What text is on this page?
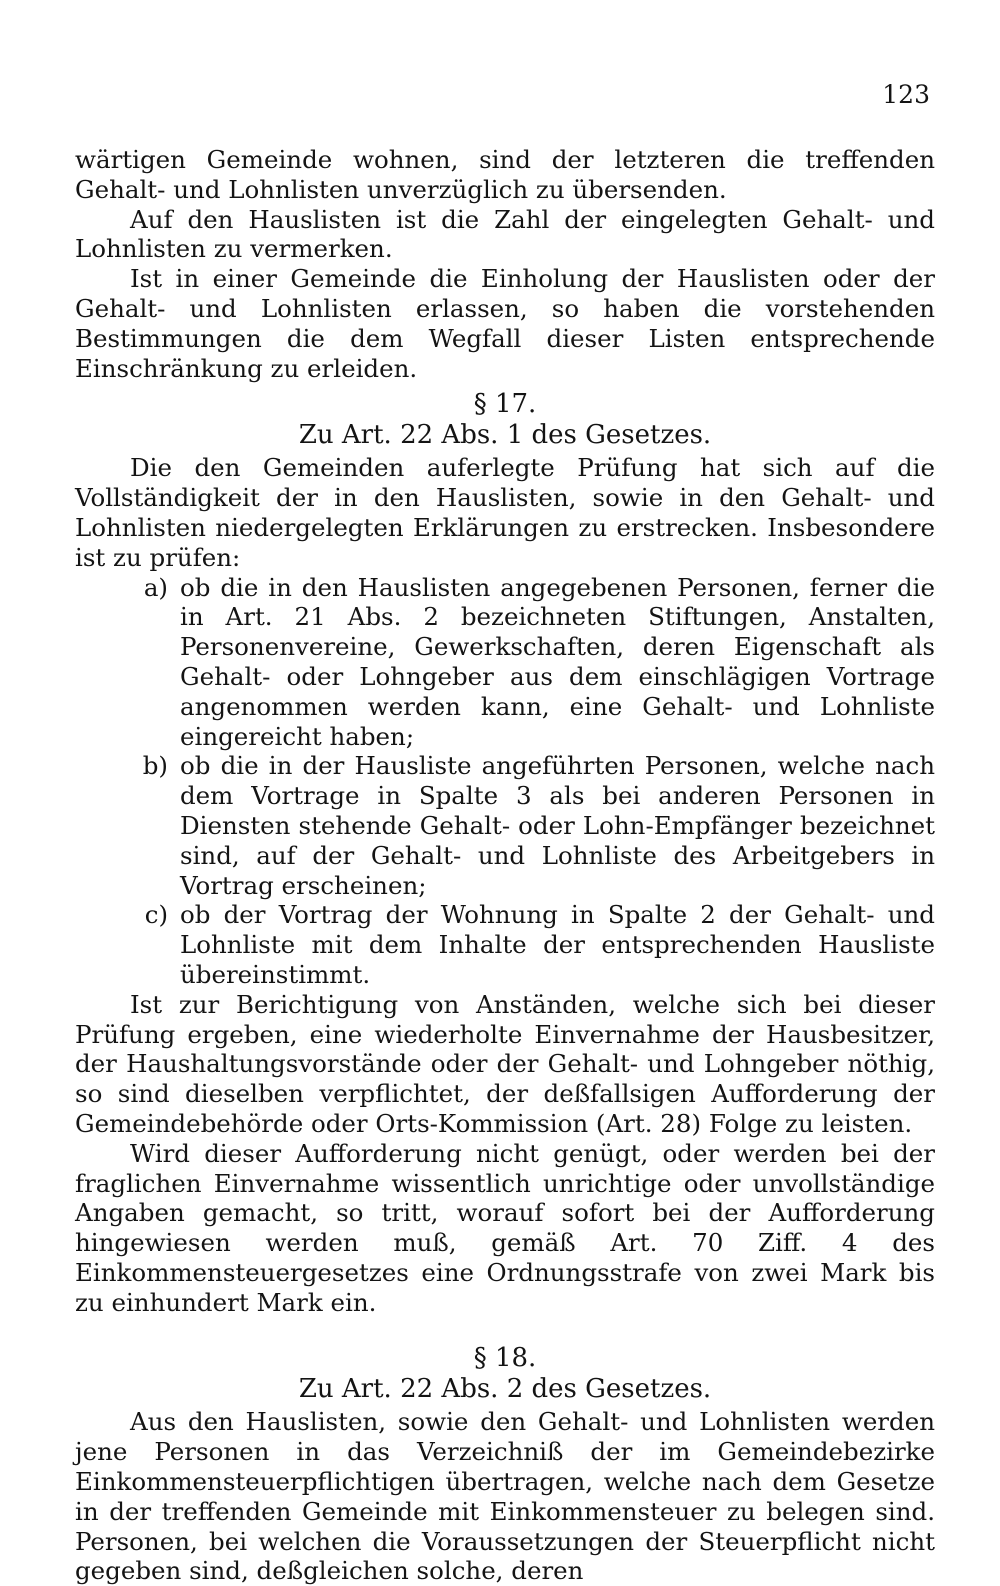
123

wärtigen Gemeinde wohnen, sind der letzteren die treffenden Gehalt- und Lohnlisten unverzüglich zu übersenden.

Auf den Hauslisten ist die Zahl der eingelegten Gehalt- und Lohnlisten zu vermerken.

Ist in einer Gemeinde die Einholung der Hauslisten oder der Gehalt- und Lohnlisten erlassen, so haben die vorstehenden Bestimmungen die dem Wegfall dieser Listen entsprechende Einschränkung zu erleiden.

§ 17.
Zu Art. 22 Abs. 1 des Gesetzes.

Die den Gemeinden auferlegte Prüfung hat sich auf die Vollständigkeit der in den Hauslisten, sowie in den Gehalt- und Lohnlisten niedergelegten Erklärungen zu erstrecken. Insbesondere ist zu prüfen:

a) ob die in den Hauslisten angegebenen Personen, ferner die in Art. 21 Abs. 2 bezeichneten Stiftungen, Anstalten, Personenvereine, Gewerkschaften, deren Eigenschaft als Gehalt- oder Lohngeber aus dem einschlägigen Vortrage angenommen werden kann, eine Gehalt- und Lohnliste eingereicht haben;
b) ob die in der Hausliste angeführten Personen, welche nach dem Vortrage in Spalte 3 als bei anderen Personen in Diensten stehende Gehalt- oder Lohn-Empfänger bezeichnet sind, auf der Gehalt- und Lohnliste des Arbeitgebers in Vortrag erscheinen;
c) ob der Vortrag der Wohnung in Spalte 2 der Gehalt- und Lohnliste mit dem Inhalte der entsprechenden Hausliste übereinstimmt.

Ist zur Berichtigung von Anständen, welche sich bei dieser Prüfung ergeben, eine wiederholte Einvernahme der Hausbesitzer, der Haushaltungsvorstände oder der Gehalt- und Lohngeber nöthig, so sind dieselben verpflichtet, der deßfallsigen Aufforderung der Gemeindebehörde oder Orts-Kommission (Art. 28) Folge zu leisten.

Wird dieser Aufforderung nicht genügt, oder werden bei der fraglichen Einvernahme wissentlich unrichtige oder unvollständige Angaben gemacht, so tritt, worauf sofort bei der Aufforderung hingewiesen werden muß, gemäß Art. 70 Ziff. 4 des Einkommensteuergesetzes eine Ordnungsstrafe von zwei Mark bis zu einhundert Mark ein.

§ 18.
Zu Art. 22 Abs. 2 des Gesetzes.

Aus den Hauslisten, sowie den Gehalt- und Lohnlisten werden jene Personen in das Verzeichniß der im Gemeindebezirke Einkommensteuerpflichtigen übertragen, welche nach dem Gesetze in der treffenden Gemeinde mit Einkommensteuer zu belegen sind. Personen, bei welchen die Voraussetzungen der Steuerpflicht nicht gegeben sind, deßgleichen solche, deren
